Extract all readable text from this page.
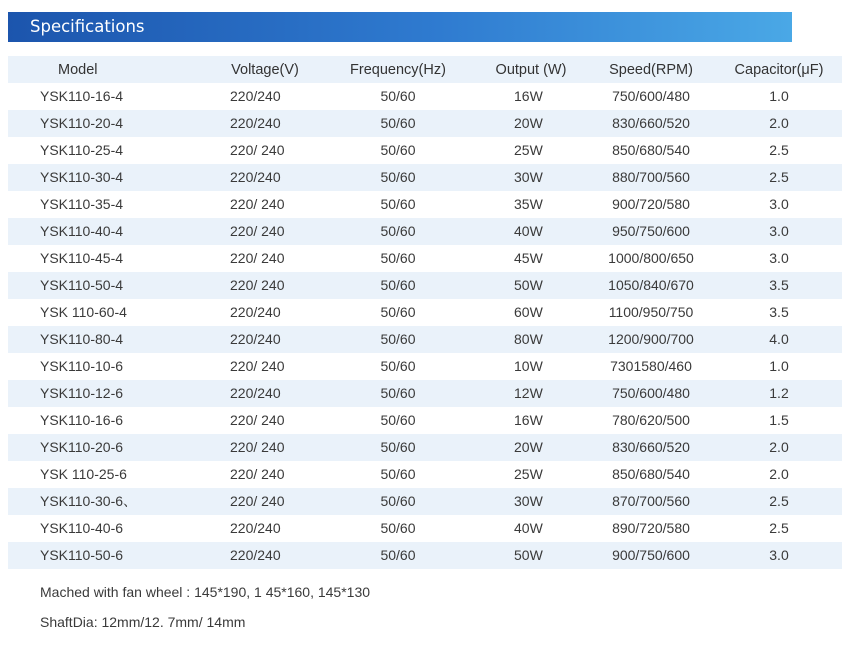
Specifications
Model	Voltage(V)	Frequency(Hz)	Output (W)	Speed(RPM)	Capacitor(μF)
YSK110-16-4	220/240	50/60	16W	750/600/480	1.0
YSK110-20-4	220/240	50/60	20W	830/660/520	2.0
YSK110-25-4	220/ 240	50/60	25W	850/680/540	2.5
YSK110-30-4	220/240	50/60	30W	880/700/560	2.5
YSK110-35-4	220/ 240	50/60	35W	900/720/580	3.0
YSK110-40-4	220/ 240	50/60	40W	950/750/600	3.0
YSK110-45-4	220/ 240	50/60	45W	1000/800/650	3.0
YSK110-50-4	220/ 240	50/60	50W	1050/840/670	3.5
YSK 110-60-4	220/240	50/60	60W	1100/950/750	3.5
YSK110-80-4	220/240	50/60	80W	1200/900/700	4.0
YSK110-10-6	220/ 240	50/60	10W	7301580/460	1.0
YSK110-12-6	220/240	50/60	12W	750/600/480	1.2
YSK110-16-6	220/ 240	50/60	16W	780/620/500	1.5
YSK110-20-6	220/ 240	50/60	20W	830/660/520	2.0
YSK 110-25-6	220/ 240	50/60	25W	850/680/540	2.0
YSK110-30-6、	220/ 240	50/60	30W	870/700/560	2.5
YSK110-40-6	220/240	50/60	40W	890/720/580	2.5
YSK110-50-6	220/240	50/60	50W	900/750/600	3.0
Mached with fan wheel : 145*190, 1 45*160, 145*130
ShaftDia: 12mm/12. 7mm/ 14mm
